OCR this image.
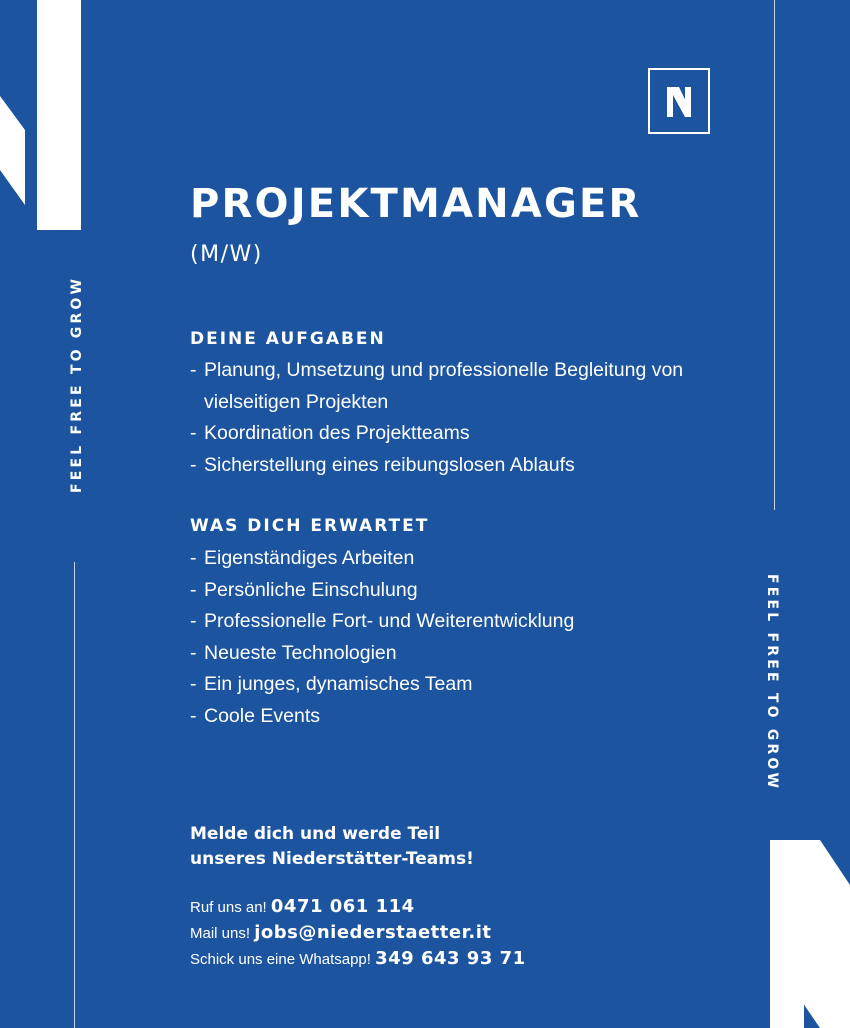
FEEL FREE TO GROW
FEEL FREE TO GROW
PROJEKTMANAGER
(M/W)
DEINE AUFGABEN
- Planung, Umsetzung und professionelle Begleitung von
vielseitigen Projekten
- Koordination des Projektteams
- Sicherstellung eines reibungslosen Ablaufs
WAS DICH ERWARTET
- Eigenständiges Arbeiten
- Persönliche Einschulung
- Professionelle Fort- und Weiterentwicklung
- Neueste Technologien
- Ein junges, dynamisches Team
- Coole Events
Melde dich und werde Teil
unseres Niederstätter-Teams!
Ruf uns an! 0471 061 114
Mail uns! jobs@niederstaetter.it
Schick uns eine Whatsapp! 349 643 93 71
